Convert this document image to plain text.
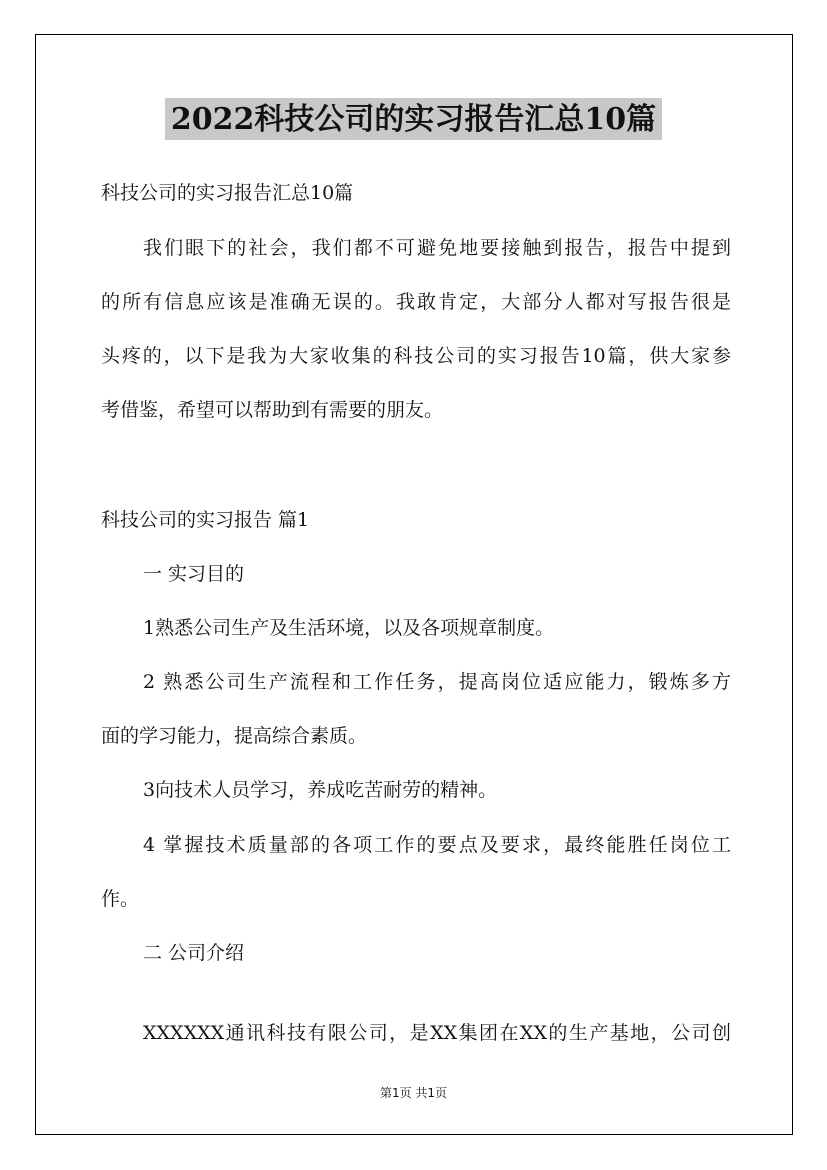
2022科技公司的实习报告汇总10篇
科技公司的实习报告汇总10篇
我们眼下的社会，我们都不可避免地要接触到报告，报告中提到
的所有信息应该是准确无误的。我敢肯定，大部分人都对写报告很是
头疼的，以下是我为大家收集的科技公司的实习报告10篇，供大家参
考借鉴，希望可以帮助到有需要的朋友。
科技公司的实习报告 篇1
一 实习目的
1熟悉公司生产及生活环境，以及各项规章制度。
2 熟悉公司生产流程和工作任务，提高岗位适应能力，锻炼多方
面的学习能力，提高综合素质。
3向技术人员学习，养成吃苦耐劳的精神。
4 掌握技术质量部的各项工作的要点及要求，最终能胜任岗位工
作。
二 公司介绍
XXXXXX通讯科技有限公司，是XX集团在XX的生产基地，公司创
第1页 共1页
